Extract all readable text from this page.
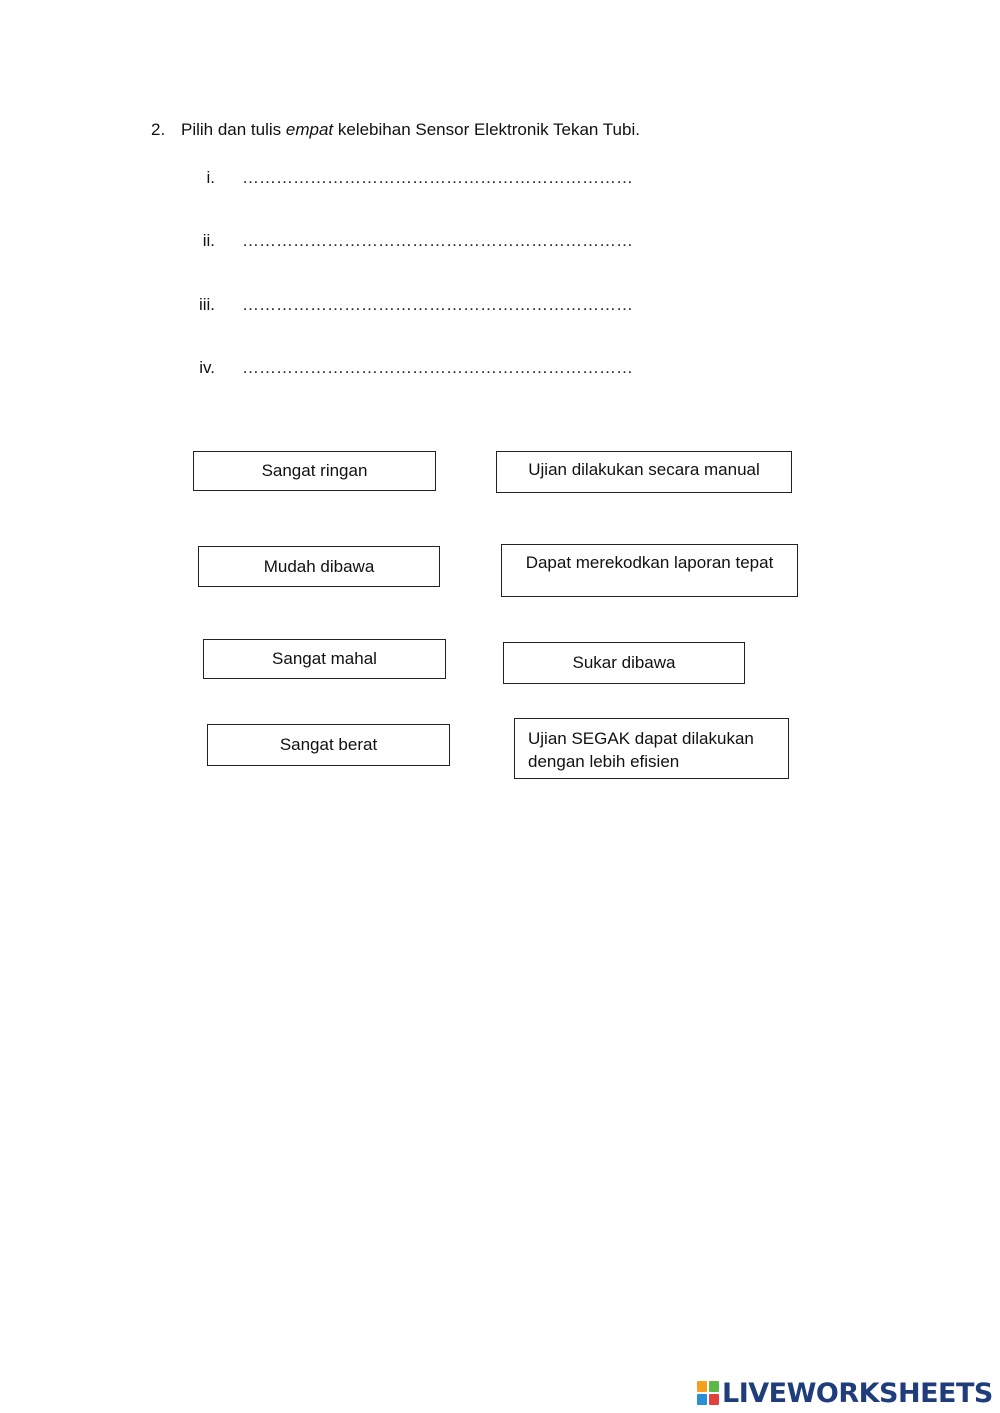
2. Pilih dan tulis empat kelebihan Sensor Elektronik Tekan Tubi.
i. ……………………………………………………………
ii. ……………………………………………………………
iii. ……………………………………………………………
iv. ……………………………………………………………
Sangat ringan	Ujian dilakukan secara manual
Mudah dibawa	Dapat merekodkan laporan tepat
Sangat mahal	Sukar dibawa
Sangat berat	Ujian SEGAK dapat dilakukan
dengan lebih efisien
LIVEWORKSHEETS
